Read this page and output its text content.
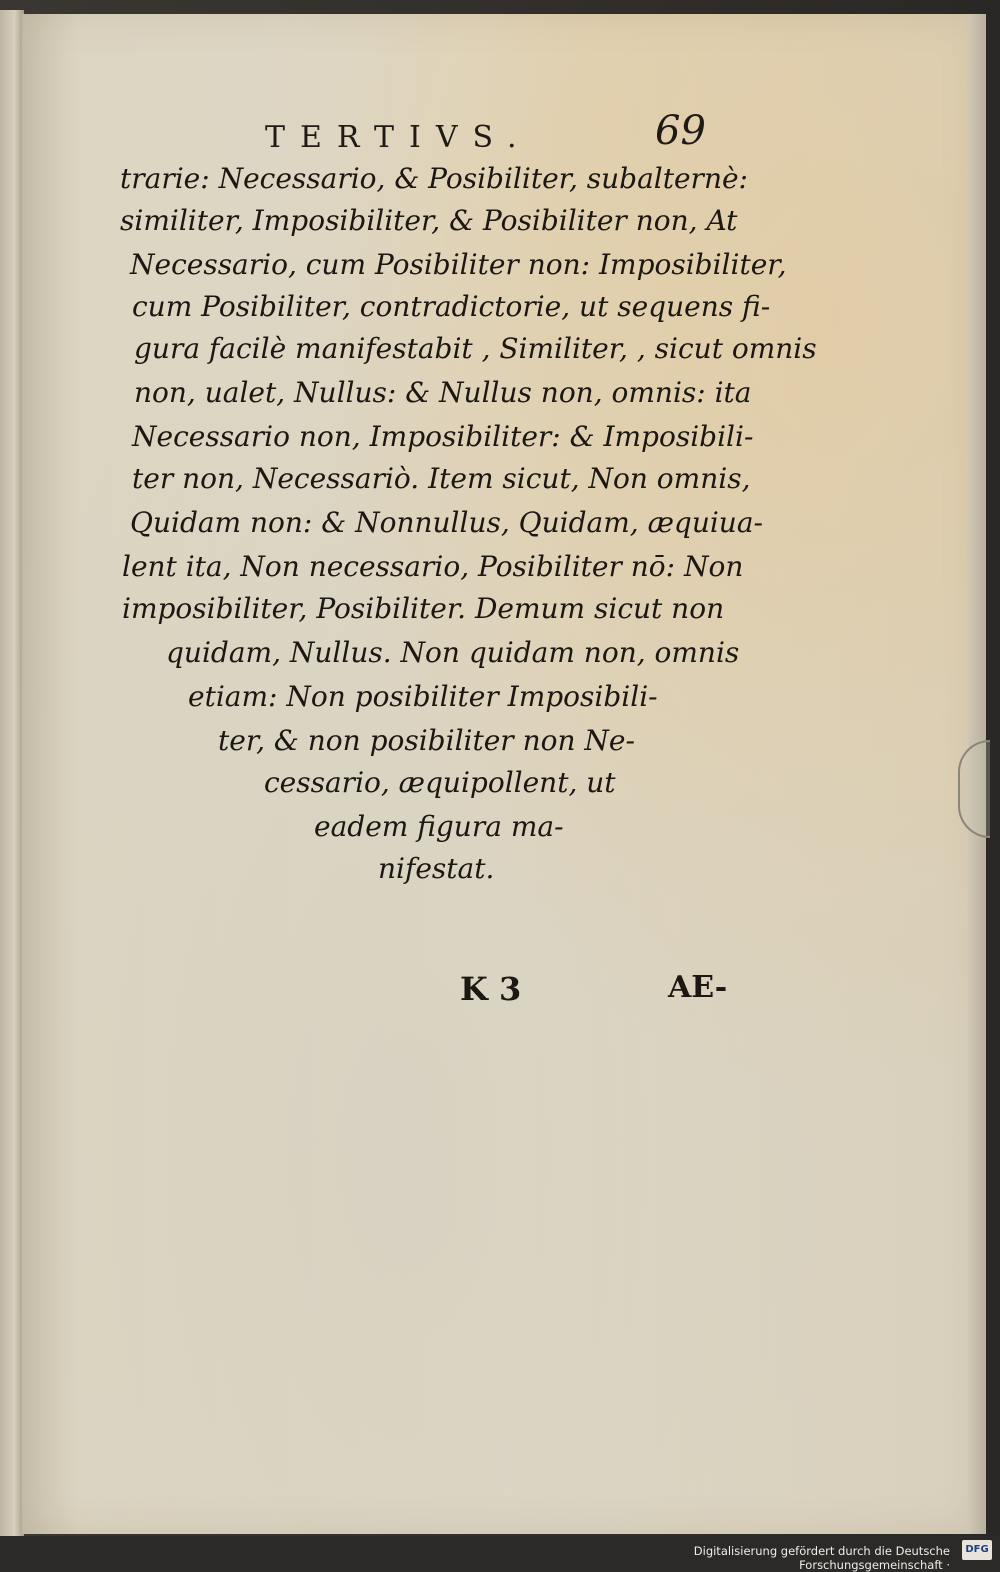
TERTIVS.	69
trarie: Necessario, & Posibiliter, subalternè:
similiter, Imposibiliter, & Posibiliter non, At
Necessario, cum Posibiliter non: Imposibiliter,
cum Posibiliter, contradictorie, ut sequens fi-
gura facilè manifestabit , Similiter, , sicut omnis
non, ualet, Nullus: & Nullus non, omnis: ita
Necessario non, Imposibiliter: & Imposibili-
ter non, Necessariò. Item sicut, Non omnis,
Quidam non: & Nonnullus, Quidam, æquiua-
lent ita, Non necessario, Posibiliter nō: Non
imposibiliter, Posibiliter. Demum sicut non
quidam, Nullus. Non quidam non, omnis
etiam: Non posibiliter Imposibili-
ter, & non posibiliter non Ne-
cessario, æquipollent, ut
eadem figura ma-
nifestat.
K 3	AE-
Digitalisierung gefördert durch die Deutsche Forschungsgemeinschaft ·
DFG
